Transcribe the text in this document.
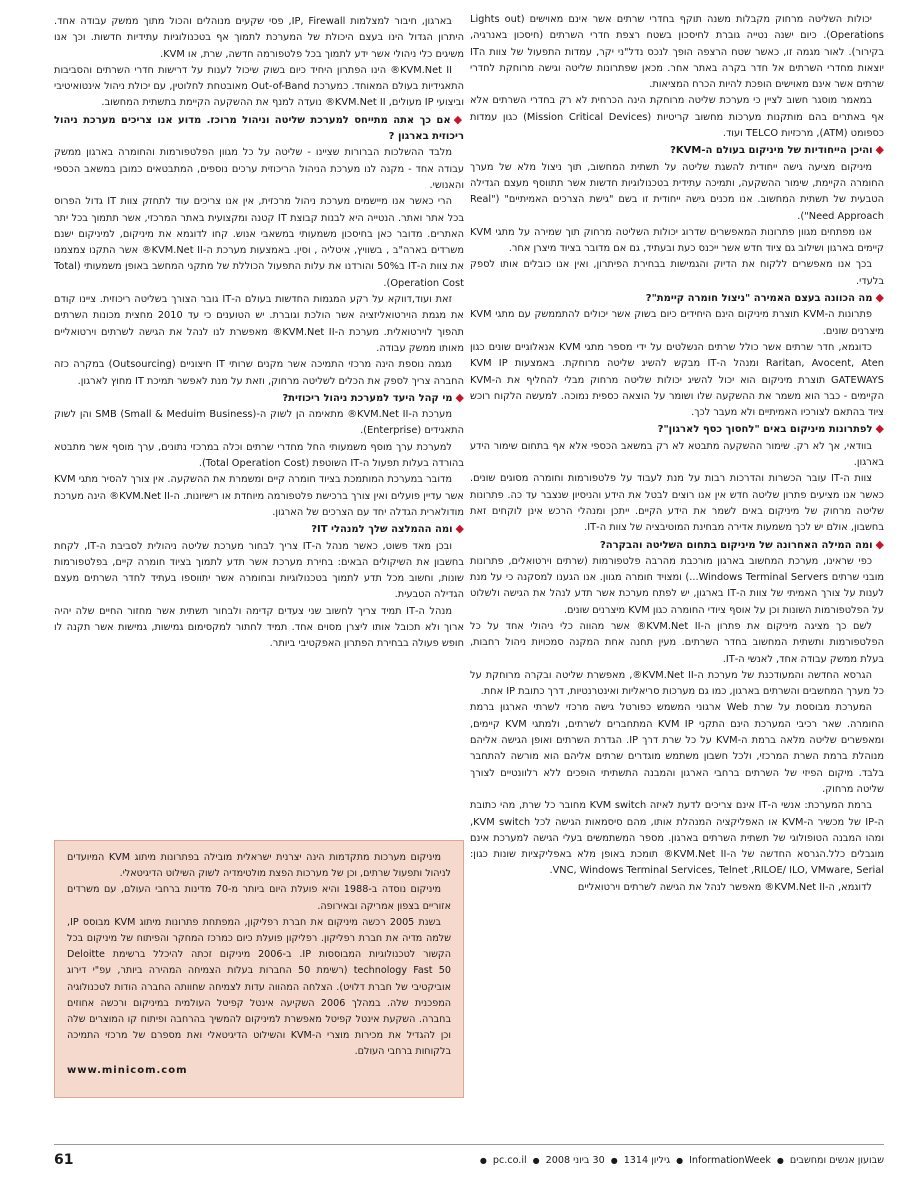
יכולות השליטה מרחוק מקבלות משנה תוקף בחדרי שרתים אשר אינם מאוישים (Lights out Operations). כיום ישנה נטייה גוברת לחיסכון בשטח רצפת חדרי השרתים (חיסכון באנרגיה, בקירור). לאור מגמה זו, כאשר שטח הרצפה הופך לנכס נדל"ני יקר, עמדות התפעול של צוות הIT יוצאות מחדרי השרתים אל חדר בקרה באתר אחר. מכאן שפתרונות שליטה וגישה מרוחקת לחדרי שרתים אשר אינם מאוישים הופכת להיות הכרח המציאות.

במאמר מוסגר חשוב לציין כי מערכת שליטה מרוחקת הינה הכרחית לא רק בחדרי השרתים אלא אף באתרים בהם מותקנות מערכות מחשוב קריטיות (Mission Critical Devices) כגון עמדות כספומט (ATM), מרכזיות TELCO ועוד.

◆והיכן הייחודיות של מיניקום בעולם ה-KVM?

מיניקום מציעה גישה ייחודית להשגת שליטה על תשתית המחשוב, תוך ניצול מלא של מערך החומרה הקיימת, שימור ההשקעה, ותמיכה עתידית בטכנולוגיות חדשות אשר תתווסף מעצם הגדילה הטבעית של תשתית המחשוב. אנו מכנים גישה ייחודית זו בשם "גישת הצרכים האמיתיים" ("Real Need Approach").

אנו מפתחים מגוון פתרונות המאפשרים שדרוג יכולות השליטה מרחוק תוך שמירה על מתגי KVM קיימים בארגון ושילוב גם ציוד חדש אשר ייכנס כעת ובעתיד, גם אם מדובר בציוד מיצרן אחר.

בכך אנו מאפשרים ללקוח את הדיוק והגמישות בבחירת הפיתרון, ואין אנו כובלים אותו לספק בלעדי.

◆מה הכוונה בעצם האמירה "ניצול חומרה קיימת"?

פתרונות ה-KVM תוצרת מיניקום הינם היחידים כיום בשוק אשר יכולים להתממשק עם מתגי KVM מיצרנים שונים.

כדוגמא, חדר שרתים אשר כולל שרתים הנשלטים על ידי מספר מתגי KVM אנאלוגיים שונים כגון Raritan, Avocent, Aten ומנהל ה-IT מבקש להשיג שליטה מרוחקת. באמצעות KVM IP GATEWAYS תוצרת מיניקום הוא יכול להשיג יכולות שליטה מרחוק מבלי להחליף את ה-KVM הקיימים - כבר הוא משמר את ההשקעה שלו ושומר על הוצאה כספית נמוכה. למעשה הלקוח רוכש ציוד בהתאם לצורכיו האמיתיים ולא מעבר לכך.

◆לפתרונות מיניקום באים "לחסוך כסף לארגון"?

בוודאי, אך לא רק. שימור ההשקעה מתבטא לא רק במשאב הכספי אלא אף בתחום שימור הידע בארגון.

צוות ה-IT עובר הכשרות והדרכות רבות על מנת לעבוד על פלטפורמות וחומרה מסוגים שונים. כאשר אנו מציעים פתרון שליטה חדש אין אנו רוצים לבטל את הידע והניסיון שנצבר עד כה. פתרונות שליטה מרחוק של מיניקום באים לשמר את הידע הקיים. ייתכן ומנהלי הרכש אינן לוקחים זאת בחשבון, אולם יש לכך משמעות אדירה מבחינת המוטיבציה של צוות ה-IT.

◆ומה המילה האחרונה של מיניקום בתחום השליטה והבקרה?

כפי שראינו, מערכת המחשוב בארגון מורכבת מהרבה פלטפורמות (שרתים וירטואלים, פתרונות מובני שרתים Windows Terminal Servers...) ומצויד חומרה מגוון. אנו הגענו למסקנה כי על מנת לענות על צורך האמיתי של צוות ה-IT בארגון, יש לפתח מערכת אשר תדע לנהל את הגישה ולשלוט על הפלטפורמות השונות וכן על אוסף ציודי החומרה כגון KVM מיצרנים שונים.

לשם כך מציגה מיניקום את פתרון ה-KVM.Net II® אשר מהווה כלי ניהולי אחד על כל הפלטפורמות ותשתית המחשוב בחדר השרתים. מעין תחנה אחת המקנה סמכויות ניהול רחבות, בעלת ממשק עבודה אחד, לאנשי ה-IT.

הגרסא החדשה והמעודכנת של מערכת ה-KVM.Net II®, מאפשרת שליטה ובקרה מרוחקת על כל מערך המחשבים והשרתים בארגון, כמו גם מערכות סריאליות ואינטרנטיות, דרך כתובת IP אחת.

המערכת מבוססת על שרת Web ארגוני המשמש כפורטל גישה מרכזי לשרתי הארגון ברמת החומרה. שאר רכיבי המערכת הינם התקני KVM IP המתחברים לשרתים, ולמתגי KVM קיימים, ומאפשרים שליטה מלאה ברמת ה-KVM על כל שרת דרך IP. הגדרת השרתים ואופן הגישה אליהם מנוהלת ברמת השרת המרכזי, ולכל חשבון משתמש מוגדרים שרתים אליהם הוא מורשה להתחבר בלבד. מיקום הפיזי של השרתים ברחבי הארגון והמבנה התשתיתי הופכים ללא רלוונטיים לצורך שליטה מרחוק.

ברמת המערכת: אנשי ה-IT אינם צריכים לדעת לאיזה KVM switch מחובר כל שרת, מהי כתובת ה-IP של מכשיר ה-KVM או האפליקציה המנהלת אותו, מהם סיסמאות הגישה לכל KVM switch, ומהו המבנה הטופולוגי של תשתית השרתים בארגון. מספר המשתמשים בעלי הגישה למערכת אינם מוגבלים כלל.הגרסא החדשה של ה-KVM.Net II® תומכת באופן מלא באפליקציות שונות כגון: VNC, Windows Terminal Services, Telnet ,RILOE/ ILO, VMware, Serial.

לדוגמא, ה-KVM.Net II® מאפשר לנהל את הגישה לשרתים וירטואליים

בארגון, חיבור למצלמות IP, Firewall, פסי שקעים מנוהלים והכול מתוך ממשק עבודה אחד. היתרון הגדול הינו בעצם היכולת של המערכת לתמוך אף בטכנולוגיות עתידיות חדשות. וכך אנו משיגים כלי ניהולי אשר ידע לתמוך בכל פלטפורמה חדשה, שרת, או KVM.

KVM.Net II® הינו הפתרון היחיד כיום בשוק שיכול לענות על דרישות חדרי השרתים והסביבות התאגידיות בעולם המאוחד. כמערכת Out-of-Band מאובטחת לחלוטין, עם יכולת ניהול אינטואיטיבי וביצועי IP מעולים, KVM.Net II® נועדה למנף את ההשקעה הקיימת בתשתית המחשוב.

◆אם כך אתה מתייחס למערכת שליטה וניהול מרוכז. מדוע אנו צריכים מערכת ניהול ריכוזית בארגון ?

מלבד ההשלכות הברורות שציינו - שליטה על כל מגוון הפלטפורמות והחומרה בארגון ממשק עבודה אחד - מקנה לנו מערכת הניהול הריכוזית ערכים נוספים, המתבטאים כמובן במשאב הכספי והאנושי.

הרי כאשר אנו מיישמים מערכת ניהול מרכזית, אין אנו צריכים עוד לתחזק צוות IT גדול הפרוס בכל אתר ואתר. הנטייה היא לבנות קבוצת IT קטנה ומקצועית באתר המרכזי, אשר תתמוך בכל יתר האתרים. מדובר כאן בחיסכון משמעותי במשאבי אנוש. קחו לדוגמא את מיניקום, למיניקום ישנם משרדים בארה"ב , בשוויץ, איטליה , וסין. באמצעות מערכת ה-KVM.Net II® אשר התקנו צמצמנו את צוות ה-IT ב50% והורדנו את עלות התפעול הכוללת של מתקני המחשב באופן משמעותי (Total Operation Cost).

זאת ועוד,דווקא על רקע המגמות החדשות בעולם ה-IT גובר הצורך בשליטה ריכוזית. ציינו קודם את מגמת הוירטואליזציה אשר הולכת וגוברת. יש הטוענים כי עד 2010 מחצית מכונות השרתים תהפוך לוירטואלית. מערכת ה-KVM.Net II® מאפשרת לנו לנהל את הגישה לשרתים וירטואליים מאותו ממשק עבודה.

מגמה נוספת הינה מרכזי התמיכה אשר מקנים שרותי IT חיצוניים (Outsourcing) במקרה כזה החברה צריך לספק את הכלים לשליטה מרחוק, וזאת על מנת לאפשר תמיכת IT מחוץ לארגון.

◆מי קהל היעד למערכת ניהול ריכוזית?

מערכת ה-KVM.Net II® מתאימה הן לשוק ה-SMB (Small & Meduim Business) והן לשוק התאגידים (Enterprise).

למערכת ערך מוסף משמעותי החל מחדרי שרתים וכלה במרכזי נתונים, ערך מוסף אשר מתבטא בהורדה בעלות תפעול ה-IT השוטפת (Total Operation Cost).

מדובר במערכת המותמכת בציוד חומרה קיים ומשמרת את ההשקעה. אין צורך להסיר מתגי KVM אשר עדיין פועלים ואין צורך ברכישת פלטפורמה מיוחדת או רישיונות. ה-KVM.Net II® הינה מערכת מודולארית הגדלה יחד עם הצרכים של הארגון.

◆ומה ההמלצה שלך למנהלי IT?

ובכן מאד פשוט, כאשר מנהל ה-IT צריך לבחור מערכת שליטה ניהולית לסביבת ה-IT, לקחת בחשבון את השיקולים הבאים: בחירת מערכת אשר תדע לתמוך בציוד חומרה קיים, בפלטפורמות שונות, וחשוב מכל תדע לתמוך בטכנולוגיות ובחומרה אשר יתווספו בעתיד לחדר השרתים מעצם הגדילה הטבעית.

מנהל ה-IT תמיד צריך לחשוב שני צעדים קדימה ולבחור תשתית אשר מחזור החיים שלה יהיה ארוך ולא תכובל אותו ליצרן מסוים אחד. תמיד לחתור למקסימום גמישות, גמישות אשר תקנה לו חופש פעולה בבחירת הפתרון האפקטיבי ביותר.

מיניקום מערכות מתקדמות הינה יצרנית ישראלית מובילה בפתרונות מיתוג KVM המיועדים לניהול ותפעול שרתים, וכן של מערכות הפצת מולטימדיה לשוק השילוט הדיגיטאלי.

מיניקום נוסדה ב-1988 והיא פועלת היום ביותר מ-70 מדינות ברחבי העולם, עם משרדים אזוריים בצפון אמריקה ובאירופה.

בשנת 2005 רכשה מיניקום את חברת רפליקון, המפתחת פתרונות מיתוג KVM מבוסס IP, שלמה מדיה את חברת רפליקון. רפליקון פועלת כיום כמרכז המחקר והפיתוח של מיניקום בכל הקשור לטכנולוגיות המבוססות IP. ב-2006 מיניקום זכתה להיכלל ברשימת Deloitte technology Fast 50 (רשימת 50 החברות בעלות הצמיחה המהירה ביותר, עפ"י דירוג אוביקטיבי של חברת דלויט). הצלחה המהווה עדות לצמיחה שחוותה החברה הודות לטכנולוגיה המפכנית שלה. במהלך 2006 השקיעה אינטל קפיטל העולמית במיניקום ורכשה אחוזים בחברה. השקעת אינטל קפיטל מאפשרת למיניקום להמשיך בהרחבה ופיתוח קו המוצרים שלה וכן להגדיל את מכירות מוצרי ה-KVM והשילוט הדיגיטאלי ואת מספרם של מרכזי התמיכה בלקוחות ברחבי העולם.

www.minicom.com

שבועון אנשים ומחשבים
●
InformationWeek
●
גיליון 1314
●
30 ביוני 2008
●
pc.co.il
●
61
